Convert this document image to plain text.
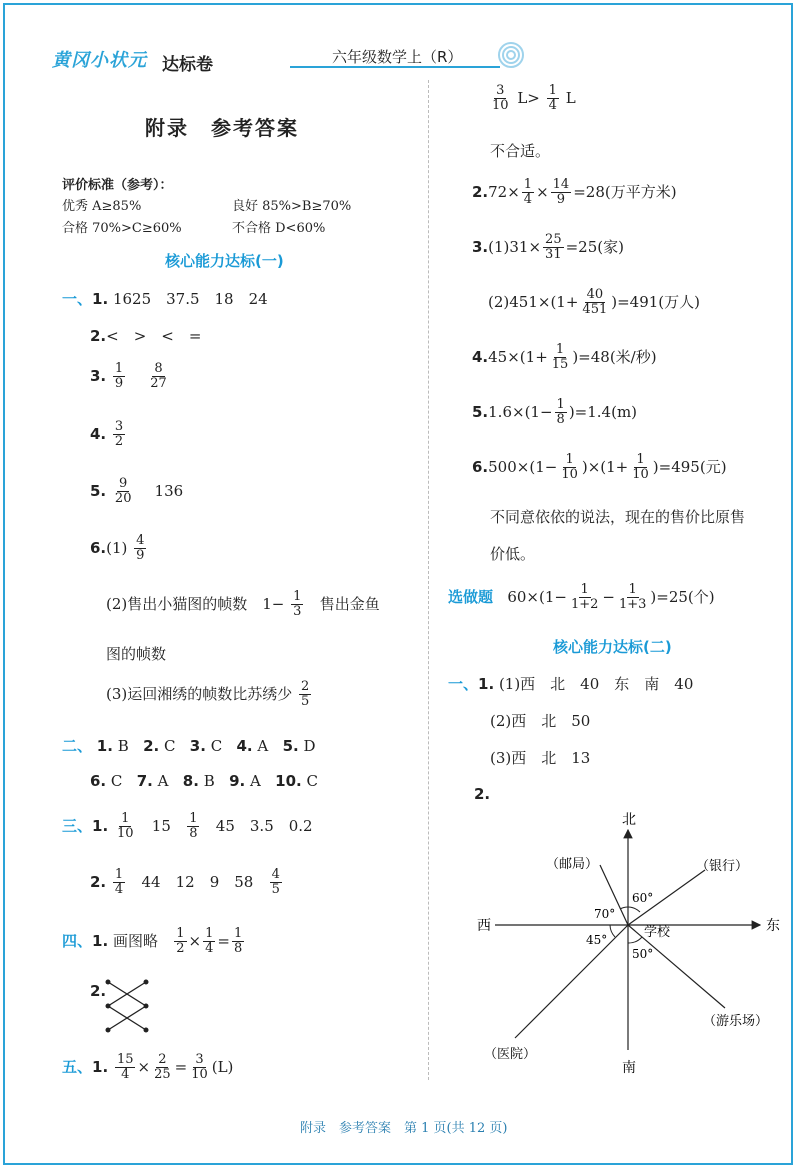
黄冈小状元 达标卷	六年级数学上（R）
附录　参考答案
评价标准（参考）：
优秀 A≥85%	良好 85%>B≥70%
合格 70%>C≥60%	不合格 D<60%
核心能力达标(一)
一、1. 1625　37.5　18　24
2.<　>　<　=
3. $\frac{1}{9}$
$\frac{8}{27}$
4. $\frac{3}{2}$
5. $\frac{9}{20} 136$
$6.(1) \frac{4}{9}$
(2)售出小猫图的帧数　$1- \frac{1}{3}$ 售出金鱼
图的帧数
(3)运回湘绣的帧数比苏绣少 $\frac{2}{5}$
二、 1. B 2. C 3. C 4. A 5. D
6. C 7. A 8. B 9. A 10. C
三、1. $\frac{1}{10} 15 \frac{1}{8} 45$　3.5　0.2
2. $\frac{1}{4} 44$　12　9　$58 \frac{4}{5}$
四、1. 画图略 $\frac{1}{2} \times \frac{1}{4} = \frac{1}{8}$
2.
五、1. $\frac{15}{4} \times \frac{2}{25} = \frac{3}{10} (L)$
$\frac{3}{10} L> \frac{1}{4}$ L
不合适。
$2.72\times \frac{1}{4} \times \frac{14}{9} =28$(万平方米)
$3.(1)31\times \frac{25}{31} =25$(家)
$(2)451\times(1+ \frac{40}{451} )=491$(万人)
$4.45\times(1+ \frac{1}{15} )=48$(米/秒)
$5.1.6\times(1- \frac{1}{8} )=1.4(m)$
$6.500\times(1- \frac{1}{10} )\times(1+ \frac{1}{10} )=495$(元)
不同意依依的说法，现在的售价比原售
价低。
选做题 $60\times(1- \frac{1}{1+2} - \frac{1}{1+3} )=25$(个)
核心能力达标(二)
一、1. (1)西　北　40　东　南　40
(2)西　北　50
(3)西　北　13
2.
北
南
东
西
（邮局）	（银行）
（医院）
（游乐场）
学校
60°
70°
45°
50°
附录　参考答案　第 1 页(共 12 页)
